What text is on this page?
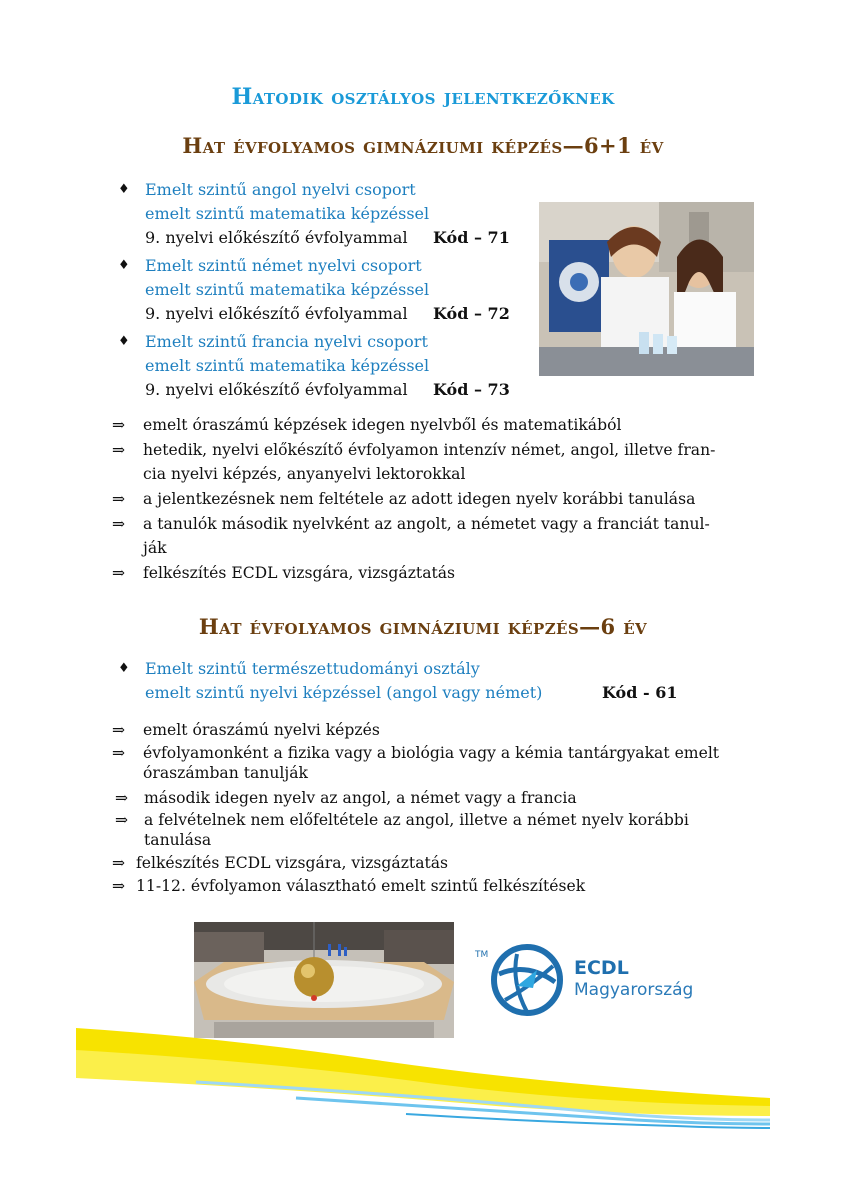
Hatodik osztályos jelentkezőknek
Hat évfolyamos gimnáziumi képzés—6+1 év
♦ Emelt szintű angol nyelvi csoport
emelt szintű matematika képzéssel
9. nyelvi előkészítő évfolyammal Kód – 71
♦ Emelt szintű német nyelvi csoport
emelt szintű matematika képzéssel
9. nyelvi előkészítő évfolyammal Kód – 72
♦ Emelt szintű francia nyelvi csoport
emelt szintű matematika képzéssel
9. nyelvi előkészítő évfolyammal Kód – 73
⇒ emelt óraszámú képzések idegen nyelvből és matematikából
⇒ hetedik, nyelvi előkészítő évfolyamon intenzív német, angol, illetve fran-
cia nyelvi képzés, anyanyelvi lektorokkal
⇒ a jelentkezésnek nem feltétele az adott idegen nyelv korábbi tanulása
⇒ a tanulók második nyelvként az angolt, a németet vagy a franciát tanul-
ják
⇒ felkészítés ECDL vizsgára, vizsgáztatás
Hat évfolyamos gimnáziumi képzés—6 év
♦ Emelt szintű természettudományi osztály
emelt szintű nyelvi képzéssel (angol vagy német)	Kód - 61
⇒ emelt óraszámú nyelvi képzés
⇒ évfolyamonként a fizika vagy a biológia vagy a kémia tantárgyakat emelt
óraszámban tanulják
⇒ második idegen nyelv az angol, a német vagy a francia
⇒ a felvételnek nem előfeltétele az angol, illetve a német nyelv korábbi
tanulása
⇒ felkészítés ECDL vizsgára, vizsgáztatás
⇒ 11-12. évfolyamon választható emelt szintű felkészítések
TM
ECDL
Magyarország
